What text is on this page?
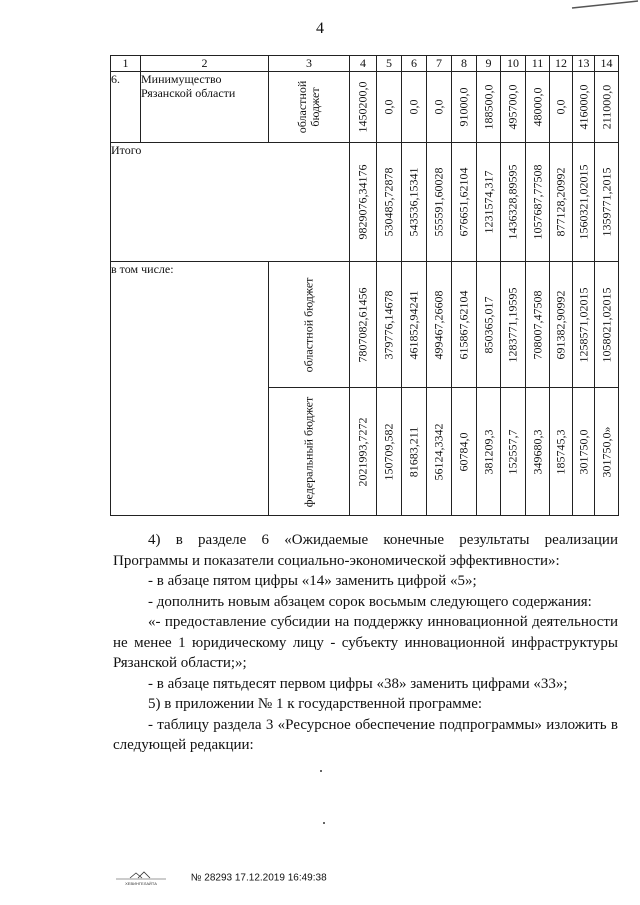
4
1	2	3	4	5	6	7	8	9	10	11	12	13	14
6.	Минимущество Рязанской области	областной бюджет	1450200,0	0,0	0,0	0,0	91000,0	188500,0	495700,0	48000,0	0,0	416000,0	211000,0

Итого			9829076,34176	530485,72878	543536,15341	555591,60028	676651,62104	1231574,317	1436328,89595	1057687,77508	877128,20992	1560321,02015	1359771,2015

в том числе:		областной бюджет	7807082,61456	379776,14678	461852,94241	499467,26608	615867,62104	850365,017	1283771,19595	708007,47508	691382,90992	1258571,02015	1058021,02015

		федеральный бюджет	2021993,7272	150709,582	81683,211	56124,3342	60784,0	381209,3	152557,7	349680,3	185745,3	301750,0	301750,0»

4) в разделе 6 «Ожидаемые конечные результаты реализации

Программы и показатели социально-экономической эффективности»:

- в абзаце пятом цифры «14» заменить цифрой «5»;

- дополнить новым абзацем сорок восьмым следующего содержания:

«- предоставление субсидии на поддержку инновационной деятельности

не менее 1 юридическому лицу - субъекту инновационной инфраструктуры

Рязанской области;»;

- в абзаце пятьдесят первом цифры «38» заменить цифрами «33»;

5) в приложении № 1 к государственной программе:

- таблицу раздела 3 «Ресурсное обеспечение подпрограммы» изложить в

следующей редакции:

ХЕВИНГЕЛАЙТА	№ 28293 17.12.2019 16:49:38
